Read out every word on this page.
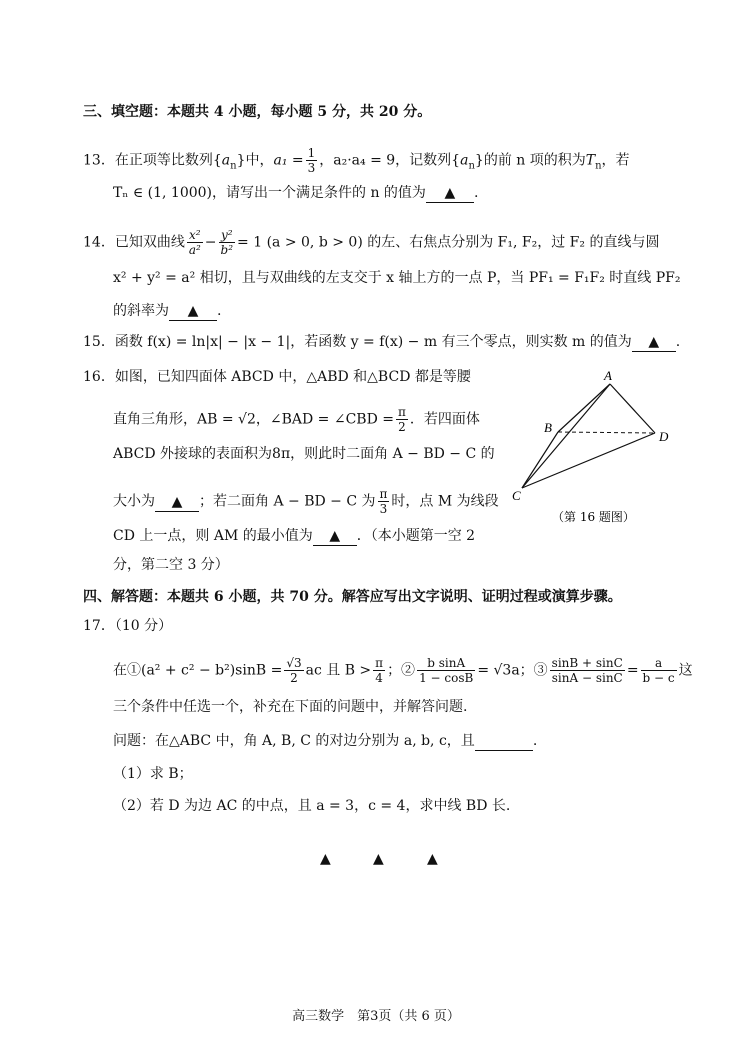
三、填空题：本题共 4 小题，每小题 5 分，共 20 分。
13．在正项等比数列$\{a_n\}$中，$a_1 = \frac{1}{3}$ ，a₂·a₄ = 9，记数列$\{a_n\}$的前 n 项的积为$T_n$，若
Tₙ ∈ (1, 1000)，请写出一个满足条件的 n 的值为 ▲ .
14．已知双曲线 $\frac{\text{x²}}{\text{a²}} - \frac{\text{y²}}{\text{b²}} = 1$ (a > 0, b > 0) 的左、右焦点分别为 F₁, F₂，过 F₂ 的直线与圆
x² + y² = a² 相切，且与双曲线的左支交于 x 轴上方的一点 P，当 PF₁ = F₁F₂ 时直线 PF₂
的斜率为 ▲ .
15．函数 f(x) = ln|x| − |x − 1|，若函数 y = f(x) − m 有三个零点，则实数 m 的值为 ▲ .
16．如图，已知四面体 ABCD 中，△ABD 和△BCD 都是等腰
直角三角形，AB = √2，∠BAD = ∠CBD = $\frac{\pi}{2}$ ．若四面体
ABCD 外接球的表面积为8π，则此时二面角 A − BD − C 的
大小为 ▲ ；若二面角 A − BD − C 为 $\frac{\pi}{3}$ 时，点 M 为线段
CD 上一点，则 AM 的最小值为 ▲ ．（本小题第一空 2
分，第二空 3 分）
A
B
C
D
（第 16 题图）
四、解答题：本题共 6 小题，共 70 分。解答应写出文字说明、证明过程或演算步骤。
17．（10 分）
在①(a² + $c^2 - b^2)\sin B = \frac{√3}{2}$ ac 且 $B > \frac{\pi}{4}$ ；② $\frac{\text{b sinA}}{1 - \cos B} = √3a$；③ $\frac{\sin B + \sin C}{\sin A - \sin C} = \frac{a}{b - c}$ 这
三个条件中任选一个，补充在下面的问题中，并解答问题.
问题：在△ABC 中，角 A, B, C 的对边分别为 a, b, c，且	.
（1）求 B；
（2）若 D 为边 AC 的中点，且 a = 3，c = 4，求中线 BD 长.
▲	▲	▲
高三数学　第3页（共 6 页）
